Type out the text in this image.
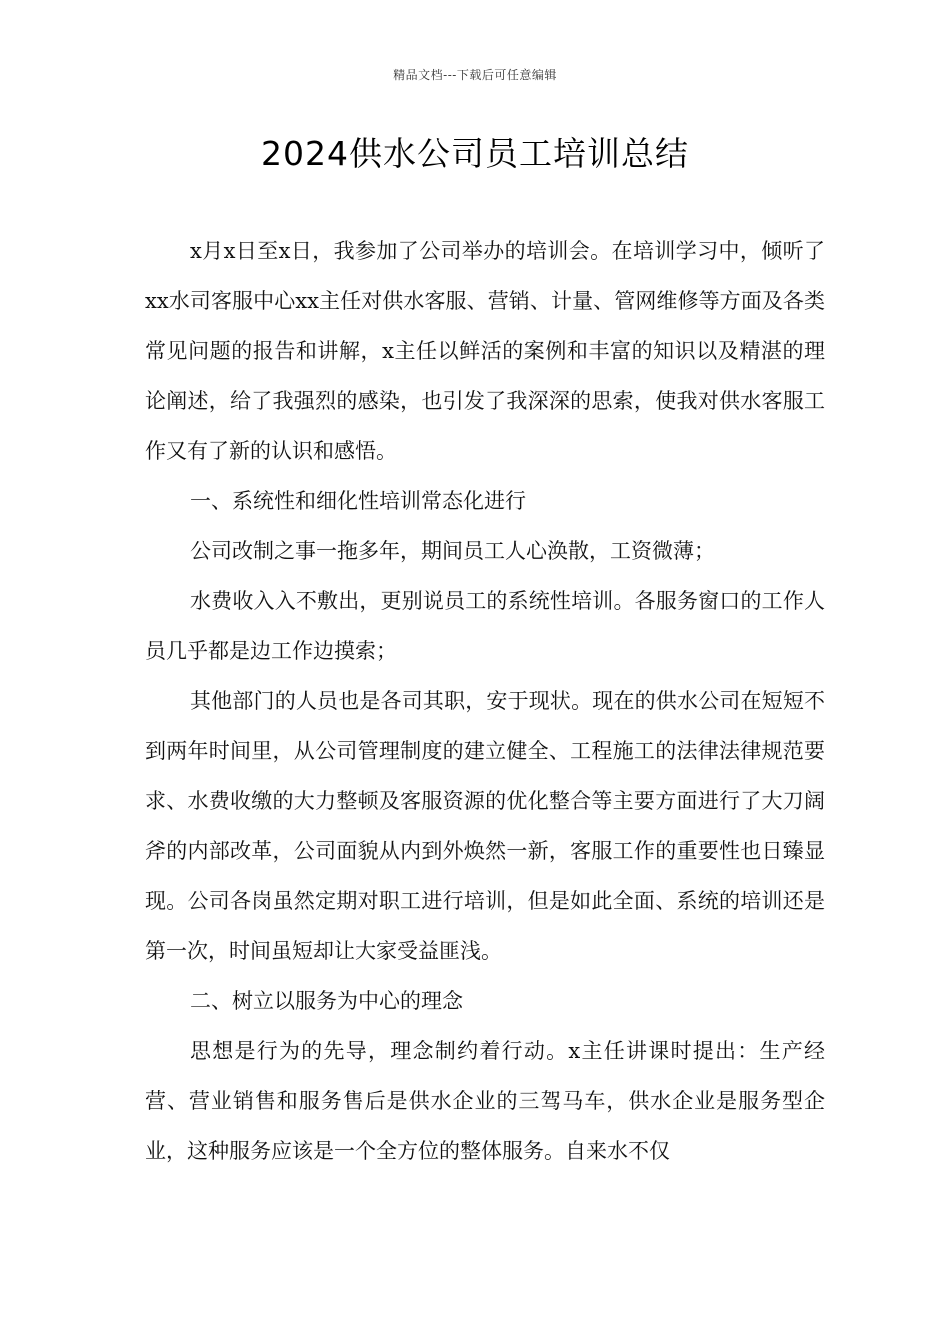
精品文档---下载后可任意编辑
2024供水公司员工培训总结

x月x日至x日，我参加了公司举办的培训会。在培训学习中，倾听了xx水司客服中心xx主任对供水客服、营销、计量、管网维修等方面及各类常见问题的报告和讲解，x主任以鲜活的案例和丰富的知识以及精湛的理论阐述，给了我强烈的感染，也引发了我深深的思索，使我对供水客服工作又有了新的认识和感悟。

一、系统性和细化性培训常态化进行

公司改制之事一拖多年，期间员工人心涣散，工资微薄；

水费收入入不敷出，更别说员工的系统性培训。各服务窗口的工作人员几乎都是边工作边摸索；

其他部门的人员也是各司其职，安于现状。现在的供水公司在短短不到两年时间里，从公司管理制度的建立健全、工程施工的法律法律规范要求、水费收缴的大力整顿及客服资源的优化整合等主要方面进行了大刀阔斧的内部改革，公司面貌从内到外焕然一新，客服工作的重要性也日臻显现。公司各岗虽然定期对职工进行培训，但是如此全面、系统的培训还是第一次，时间虽短却让大家受益匪浅。

二、树立以服务为中心的理念

思想是行为的先导，理念制约着行动。x主任讲课时提出：生产经营、营业销售和服务售后是供水企业的三驾马车，供水企业是服务型企业，这种服务应该是一个全方位的整体服务。自来水不仅
